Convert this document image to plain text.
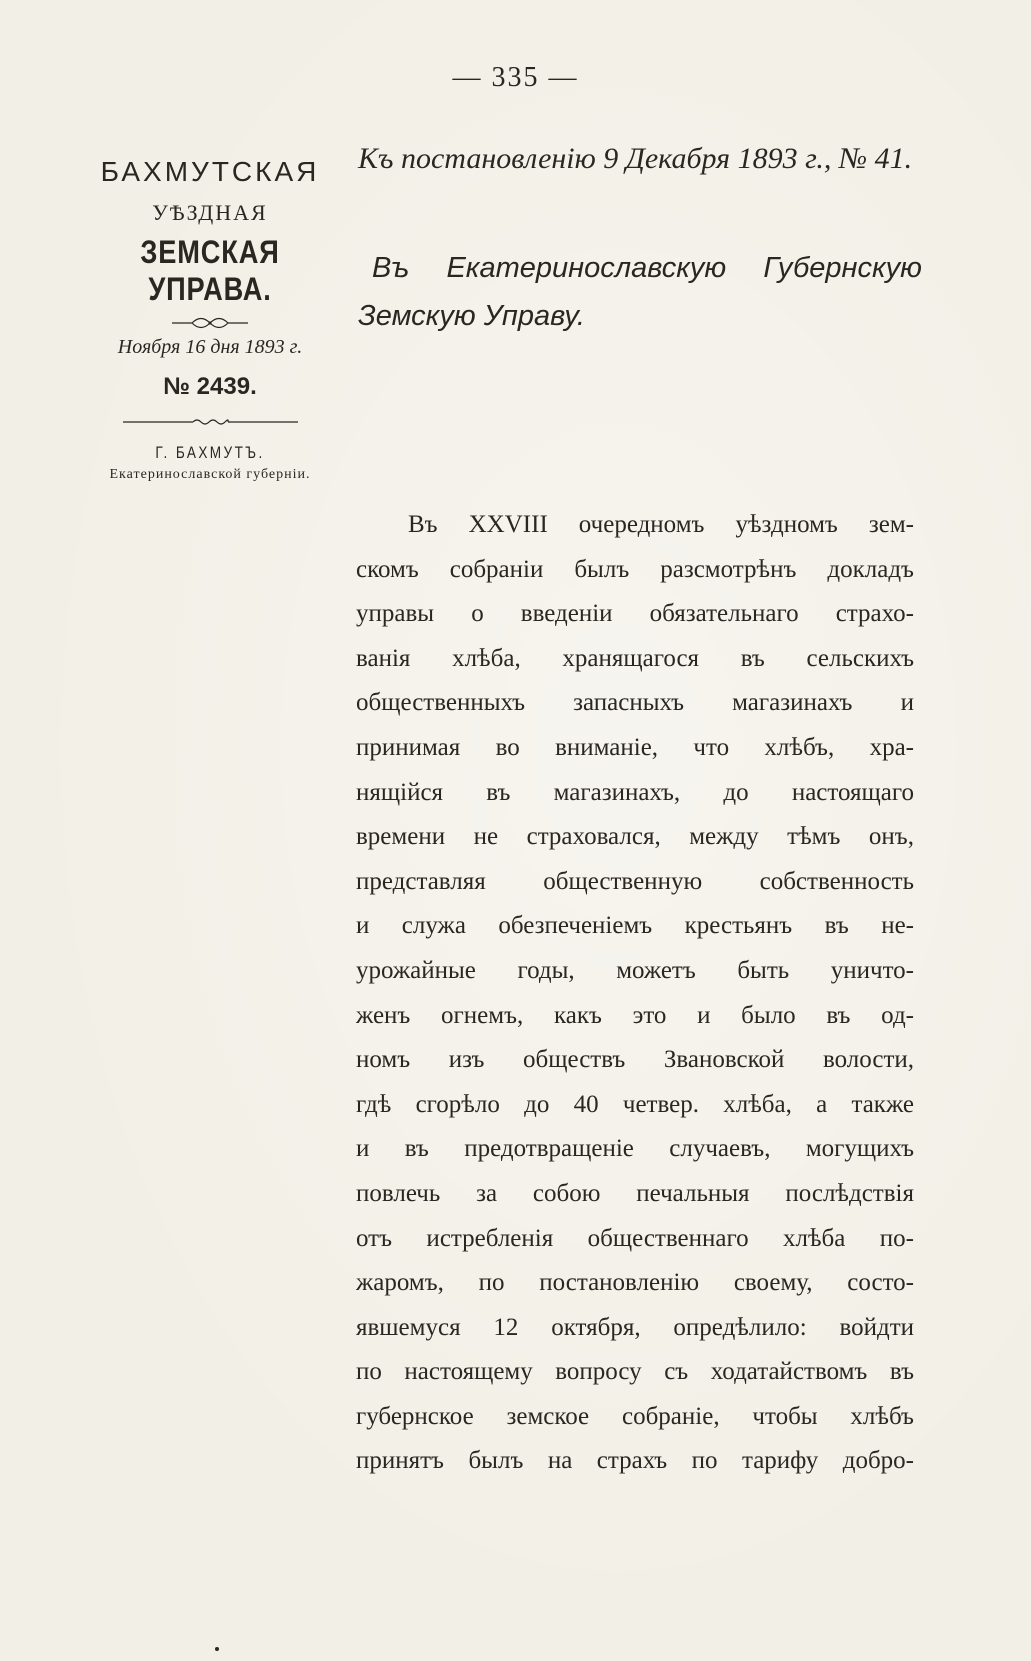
— 335 —
БАХМУТСКАЯ
УѢЗДНАЯ
ЗЕМСКАЯ УПРАВА.
Ноября 16 дня 1893 г.
№ 2439.
Г. БАХМУТЪ.
Екатеринославской губерніи.
Къ постановленію 9 Декабря 1893 г., № 41.
Въ Екатеринославскую Губернскую
Земскую Управу.
Въ XXVIII очередномъ уѣздномъ зем-
скомъ собраніи былъ разсмотрѣнъ докладъ
управы о введеніи обязательнаго страхо-
ванія хлѣба, хранящагося въ сельскихъ
общественныхъ запасныхъ магазинахъ и
принимая во вниманіе, что хлѣбъ, хра-
нящійся въ магазинахъ, до настоящаго
времени не страховался, между тѣмъ онъ,
представляя общественную собственность
и служа обезпеченіемъ крестьянъ въ не-
урожайные годы, можетъ быть уничто-
женъ огнемъ, какъ это и было въ од-
номъ изъ обществъ Звановской волости,
гдѣ сгорѣло до 40 четвер. хлѣба, а также
и въ предотвращеніе случаевъ, могущихъ
повлечь за собою печальныя послѣдствія
отъ истребленія общественнаго хлѣба по-
жаромъ, по постановленію своему, состо-
явшемуся 12 октября, опредѣлило: войдти
по настоящему вопросу съ ходатайствомъ въ
губернское земское собраніе, чтобы хлѣбъ
принятъ былъ на страхъ по тарифу добро-
